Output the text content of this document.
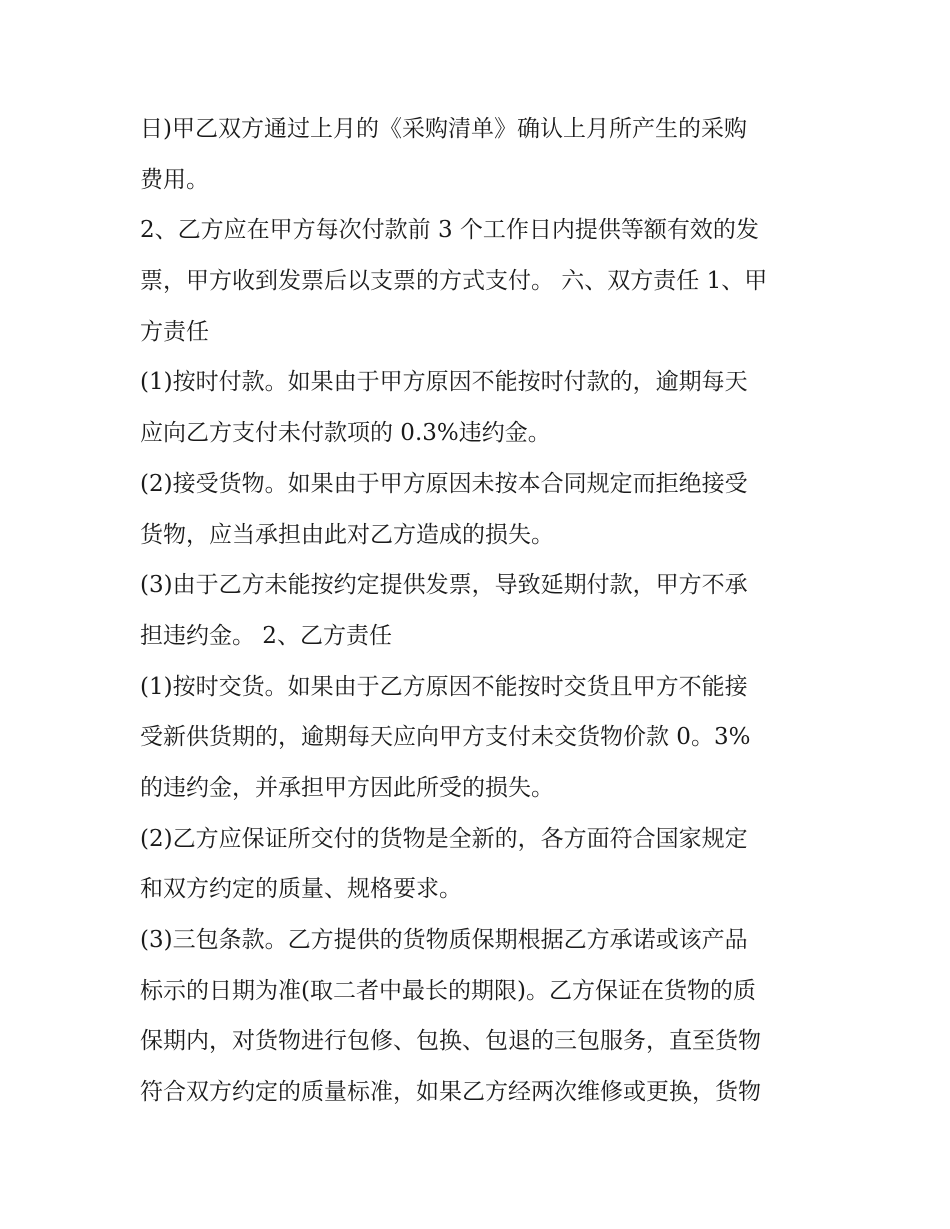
日)甲乙双方通过上月的《采购清单》确认上月所产生的采购
费用。
2、乙方应在甲方每次付款前 3 个工作日内提供等额有效的发
票，甲方收到发票后以支票的方式支付。 六、双方责任 1、甲
方责任
(1)按时付款。如果由于甲方原因不能按时付款的，逾期每天
应向乙方支付未付款项的 0.3%违约金。
(2)接受货物。如果由于甲方原因未按本合同规定而拒绝接受
货物，应当承担由此对乙方造成的损失。
(3)由于乙方未能按约定提供发票，导致延期付款，甲方不承
担违约金。 2、乙方责任
(1)按时交货。如果由于乙方原因不能按时交货且甲方不能接
受新供货期的，逾期每天应向甲方支付未交货物价款 0。3%
的违约金，并承担甲方因此所受的损失。
(2)乙方应保证所交付的货物是全新的，各方面符合国家规定
和双方约定的质量、规格要求。
(3)三包条款。乙方提供的货物质保期根据乙方承诺或该产品
标示的日期为准(取二者中最长的期限)。乙方保证在货物的质
保期内，对货物进行包修、包换、包退的三包服务，直至货物
符合双方约定的质量标准，如果乙方经两次维修或更换，货物
